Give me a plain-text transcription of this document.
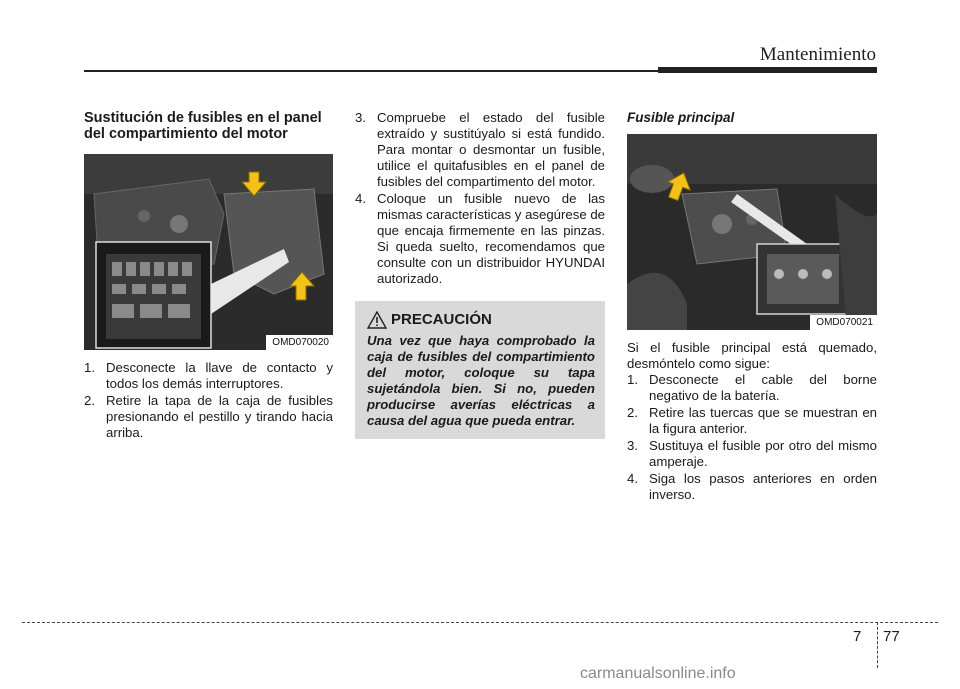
Mantenimiento
Sustitución de fusibles en el panel del compartimiento del motor
OMD070020
1. Desconecte la llave de contacto y todos los demás interruptores.
2. Retire la tapa de la caja de fusibles presionando el pestillo y tirando hacia arriba.
3. Compruebe el estado del fusible extraído y sustitúyalo si está fundido. Para montar o desmontar un fusible, utilice el quitafusibles en el panel de fusibles del compartimento del motor.
4. Coloque un fusible nuevo de las mismas características y asegúrese de que encaja firmemente en las pinzas. Si queda suelto, recomendamos que consulte con un distribuidor HYUNDAI autorizado.
PRECAUCIÓN
Una vez que haya comprobado la caja de fusibles del compartimiento del motor, coloque su tapa sujetándola bien. Si no, pueden producirse averías eléctricas a causa del agua que pueda entrar.
Fusible principal
OMD070021

Si el fusible principal está quemado, desmóntelo como sigue:

1. Desconecte el cable del borne negativo de la batería.
2. Retire las tuercas que se muestran en la figura anterior.
3. Sustituya el fusible por otro del mismo amperaje.
4. Siga los pasos anteriores en orden inverso.
7 77
carmanualsonline.info
